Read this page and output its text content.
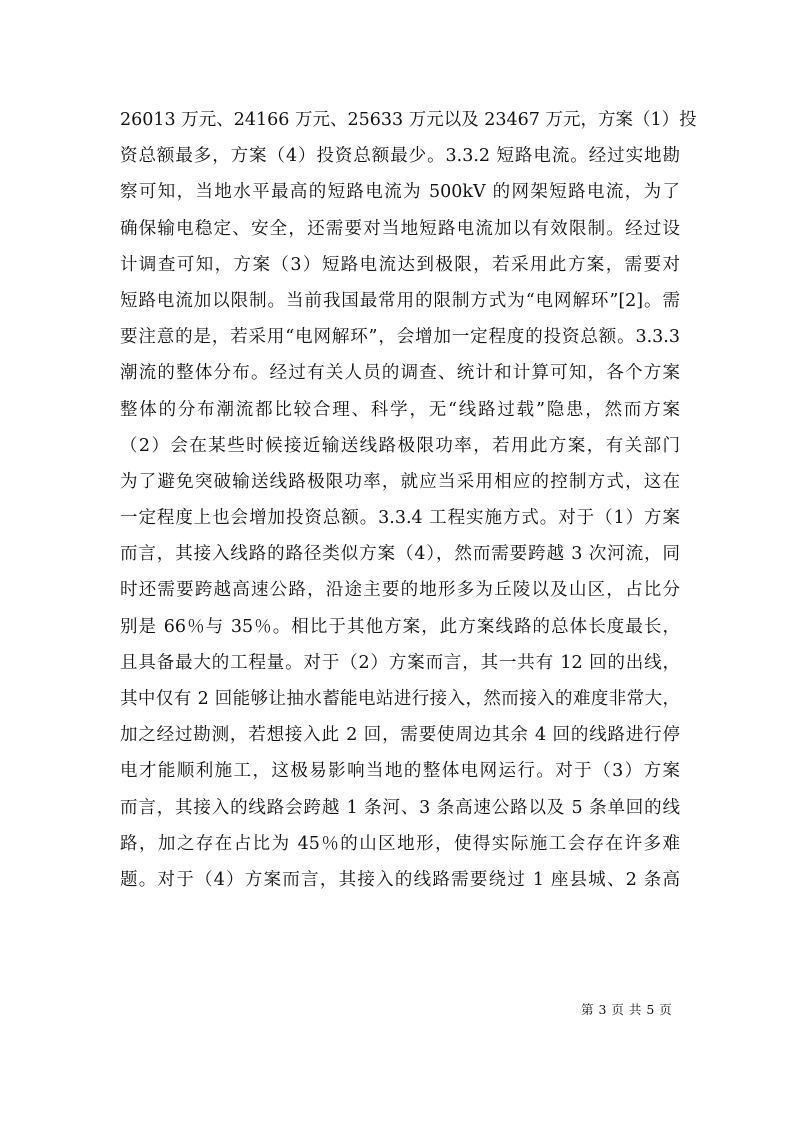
26013 万元、24166 万元、25633 万元以及 23467 万元，方案（1）投
资总额最多，方案（4）投资总额最少。3.3.2 短路电流。经过实地勘
察可知，当地水平最高的短路电流为 500kV 的网架短路电流，为了
确保输电稳定、安全，还需要对当地短路电流加以有效限制。经过设
计调查可知，方案（3）短路电流达到极限，若采用此方案，需要对
短路电流加以限制。当前我国最常用的限制方式为“电网解环”[2]。需
要注意的是，若采用“电网解环”，会增加一定程度的投资总额。3.3.3
潮流的整体分布。经过有关人员的调查、统计和计算可知，各个方案
整体的分布潮流都比较合理、科学，无“线路过载”隐患，然而方案
（2）会在某些时候接近输送线路极限功率，若用此方案，有关部门
为了避免突破输送线路极限功率，就应当采用相应的控制方式，这在
一定程度上也会增加投资总额。3.3.4 工程实施方式。对于（1）方案
而言，其接入线路的路径类似方案（4），然而需要跨越 3 次河流，同
时还需要跨越高速公路，沿途主要的地形多为丘陵以及山区，占比分
别是 66％与 35％。相比于其他方案，此方案线路的总体长度最长，
且具备最大的工程量。对于（2）方案而言，其一共有 12 回的出线，
其中仅有 2 回能够让抽水蓄能电站进行接入，然而接入的难度非常大，
加之经过勘测，若想接入此 2 回，需要使周边其余 4 回的线路进行停
电才能顺利施工，这极易影响当地的整体电网运行。对于（3）方案
而言，其接入的线路会跨越 1 条河、3 条高速公路以及 5 条单回的线
路，加之存在占比为 45％的山区地形，使得实际施工会存在许多难
题。对于（4）方案而言，其接入的线路需要绕过 1 座县城、2 条高
第 3 页 共 5 页
